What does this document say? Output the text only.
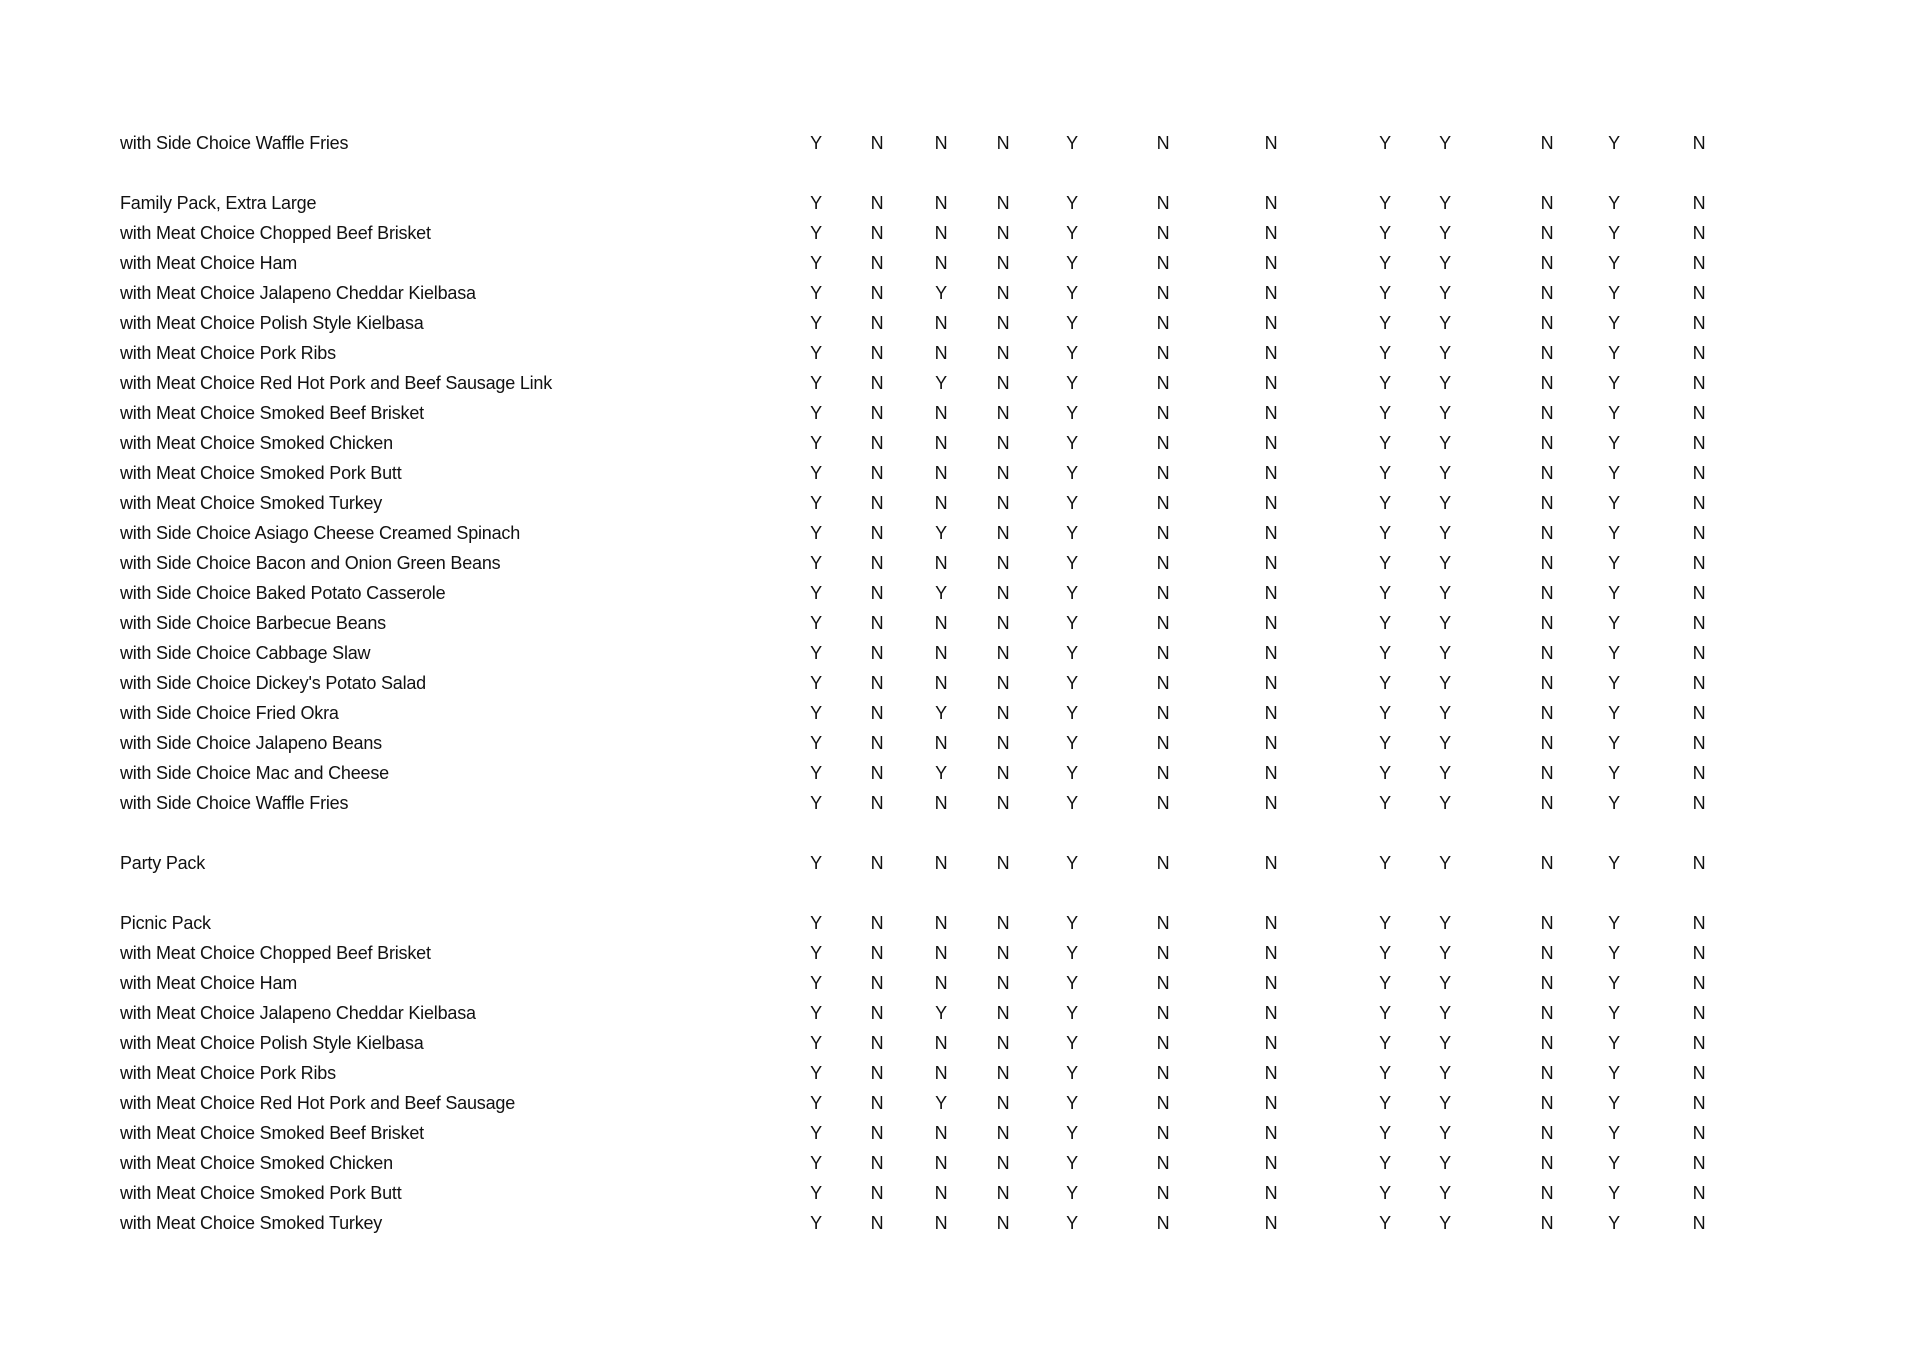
with Side Choice Waffle Fries	Y	N	N	N	Y	N	N	Y	Y	N	Y	N
Family Pack, Extra Large	Y	N	N	N	Y	N	N	Y	Y	N	Y	N
with Meat Choice Chopped Beef Brisket	Y	N	N	N	Y	N	N	Y	Y	N	Y	N
with Meat Choice Ham	Y	N	N	N	Y	N	N	Y	Y	N	Y	N
with Meat Choice Jalapeno Cheddar Kielbasa	Y	N	Y	N	Y	N	N	Y	Y	N	Y	N
with Meat Choice Polish Style Kielbasa	Y	N	N	N	Y	N	N	Y	Y	N	Y	N
with Meat Choice Pork Ribs	Y	N	N	N	Y	N	N	Y	Y	N	Y	N
with Meat Choice Red Hot Pork and Beef Sausage Link	Y	N	Y	N	Y	N	N	Y	Y	N	Y	N
with Meat Choice Smoked Beef Brisket	Y	N	N	N	Y	N	N	Y	Y	N	Y	N
with Meat Choice Smoked Chicken	Y	N	N	N	Y	N	N	Y	Y	N	Y	N
with Meat Choice Smoked Pork Butt	Y	N	N	N	Y	N	N	Y	Y	N	Y	N
with Meat Choice Smoked Turkey	Y	N	N	N	Y	N	N	Y	Y	N	Y	N
with Side Choice Asiago Cheese Creamed Spinach	Y	N	Y	N	Y	N	N	Y	Y	N	Y	N
with Side Choice Bacon and Onion Green Beans	Y	N	N	N	Y	N	N	Y	Y	N	Y	N
with Side Choice Baked Potato Casserole	Y	N	Y	N	Y	N	N	Y	Y	N	Y	N
with Side Choice Barbecue Beans	Y	N	N	N	Y	N	N	Y	Y	N	Y	N
with Side Choice Cabbage Slaw	Y	N	N	N	Y	N	N	Y	Y	N	Y	N
with Side Choice Dickey's Potato Salad	Y	N	N	N	Y	N	N	Y	Y	N	Y	N
with Side Choice Fried Okra	Y	N	Y	N	Y	N	N	Y	Y	N	Y	N
with Side Choice Jalapeno Beans	Y	N	N	N	Y	N	N	Y	Y	N	Y	N
with Side Choice Mac and Cheese	Y	N	Y	N	Y	N	N	Y	Y	N	Y	N
with Side Choice Waffle Fries	Y	N	N	N	Y	N	N	Y	Y	N	Y	N
Party Pack	Y	N	N	N	Y	N	N	Y	Y	N	Y	N
Picnic Pack	Y	N	N	N	Y	N	N	Y	Y	N	Y	N
with Meat Choice Chopped Beef Brisket	Y	N	N	N	Y	N	N	Y	Y	N	Y	N
with Meat Choice Ham	Y	N	N	N	Y	N	N	Y	Y	N	Y	N
with Meat Choice Jalapeno Cheddar Kielbasa	Y	N	Y	N	Y	N	N	Y	Y	N	Y	N
with Meat Choice Polish Style Kielbasa	Y	N	N	N	Y	N	N	Y	Y	N	Y	N
with Meat Choice Pork Ribs	Y	N	N	N	Y	N	N	Y	Y	N	Y	N
with Meat Choice Red Hot Pork and Beef Sausage	Y	N	Y	N	Y	N	N	Y	Y	N	Y	N
with Meat Choice Smoked Beef Brisket	Y	N	N	N	Y	N	N	Y	Y	N	Y	N
with Meat Choice Smoked Chicken	Y	N	N	N	Y	N	N	Y	Y	N	Y	N
with Meat Choice Smoked Pork Butt	Y	N	N	N	Y	N	N	Y	Y	N	Y	N
with Meat Choice Smoked Turkey	Y	N	N	N	Y	N	N	Y	Y	N	Y	N
